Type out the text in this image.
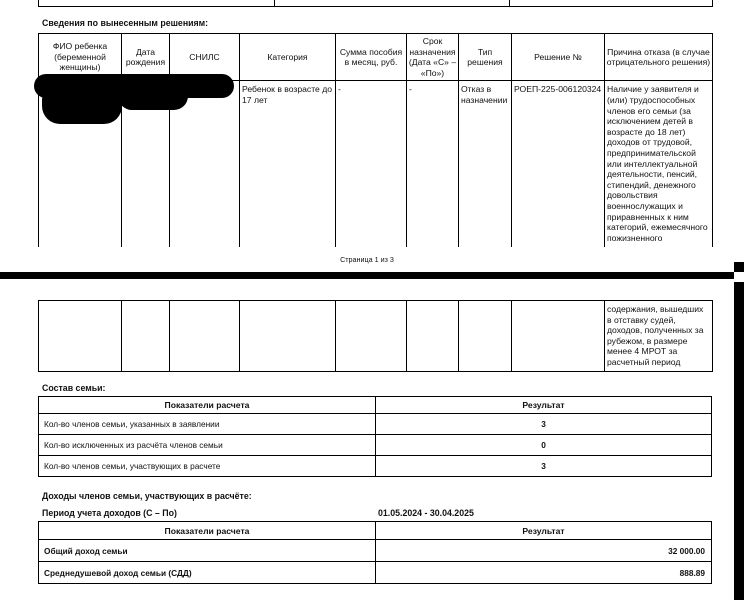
Сведения по вынесенным решениям:
ФИО ребенка (беременной женщины)	Дата рождения	СНИЛС	Категория	Сумма пособия в месяц, руб.	Срок назначения (Дата «С» – «По»)	Тип решения	Решение №	Причина отказа (в случае отрицательного решения)
			Ребенок в возрасте до 17 лет	-	-	Отказ в назначении	РОЕП-225-006120324	Наличие у заявителя и (или) трудоспособных членов его семьи (за исключением детей в возрасте до 18 лет) доходов от трудовой, предпринимательской или интеллектуальной деятельности, пенсий, стипендий, денежного довольствия военнослужащих и приравненных к ним категорий, ежемесячного пожизненного
Страница 1 из 3
								содержания, вышедших в отставку судей, доходов, полученных за рубежом, в размере менее 4 МРОТ за расчетный период
Состав семьи:
Показатели расчета	Результат
Кол-во членов семьи, указанных в заявлении	3
Кол-во исключенных из расчёта членов семьи	0
Кол-во членов семьи, участвующих в расчете	3
Доходы членов семьи, участвующих в расчёте:
Период учета доходов (С – По)	01.05.2024 - 30.04.2025
Показатели расчета	Результат
Общий доход семьи	32 000.00
Среднедушевой доход семьи (СДД)	888.89
